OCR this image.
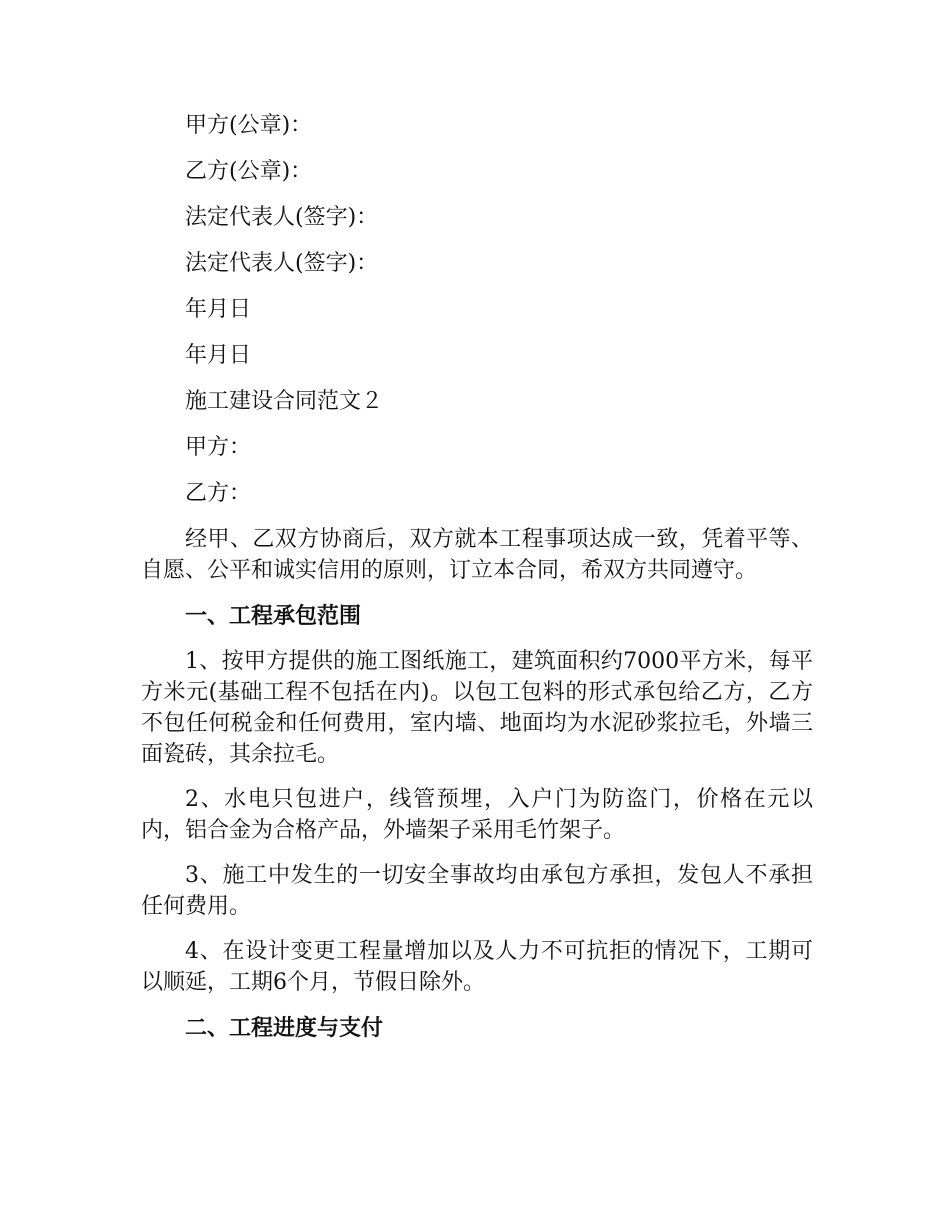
甲方(公章)：
乙方(公章)：
法定代表人(签字)：
法定代表人(签字)：
年月日
年月日
施工建设合同范文２
甲方：
乙方：

经甲、乙双方协商后，双方就本工程事项达成一致，凭着平等、自愿、公平和诚实信用的原则，订立本合同，希双方共同遵守。

一、工程承包范围

1、按甲方提供的施工图纸施工，建筑面积约7000平方米，每平方米元(基础工程不包括在内)。以包工包料的形式承包给乙方，乙方不包任何税金和任何费用，室内墙、地面均为水泥砂浆拉毛，外墙三面瓷砖，其余拉毛。

2、水电只包进户，线管预埋，入户门为防盗门，价格在元以内，铝合金为合格产品，外墙架子采用毛竹架子。

3、施工中发生的一切安全事故均由承包方承担，发包人不承担任何费用。

4、在设计变更工程量增加以及人力不可抗拒的情况下，工期可以顺延，工期6个月，节假日除外。

二、工程进度与支付
